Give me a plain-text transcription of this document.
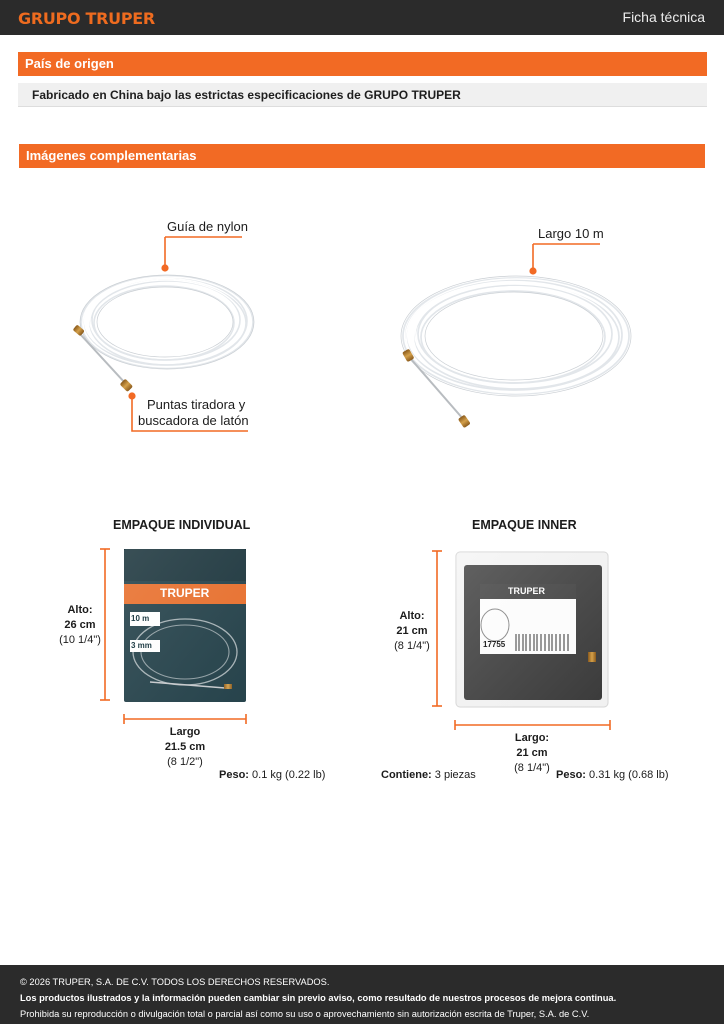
GRUPO TRUPER	Ficha técnica
País de origen
Fabricado en China bajo las estrictas especificaciones de GRUPO TRUPER
Imágenes complementarias
TRUPER
10 m
3 mm
TRUPER
17755
Guía de nylon	Largo 10 m
Puntas tiradora y
buscadora de latón
EMPAQUE INDIVIDUAL	EMPAQUE INNER
Alto:
26 cm
(10 1/4")
Largo
21.5 cm
(8 1/2")
Peso: 0.1 kg (0.22 lb)
Alto:
21 cm
(8 1/4")
Largo:
21 cm
(8 1/4")
Contiene: 3 piezas	Peso: 0.31 kg (0.68 lb)
© 2026 TRUPER, S.A. DE C.V. TODOS LOS DERECHOS RESERVADOS.
Los productos ilustrados y la información pueden cambiar sin previo aviso, como resultado de nuestros procesos de mejora continua.
Prohibida su reproducción o divulgación total o parcial así como su uso o aprovechamiento sin autorización escrita de Truper, S.A. de C.V.
